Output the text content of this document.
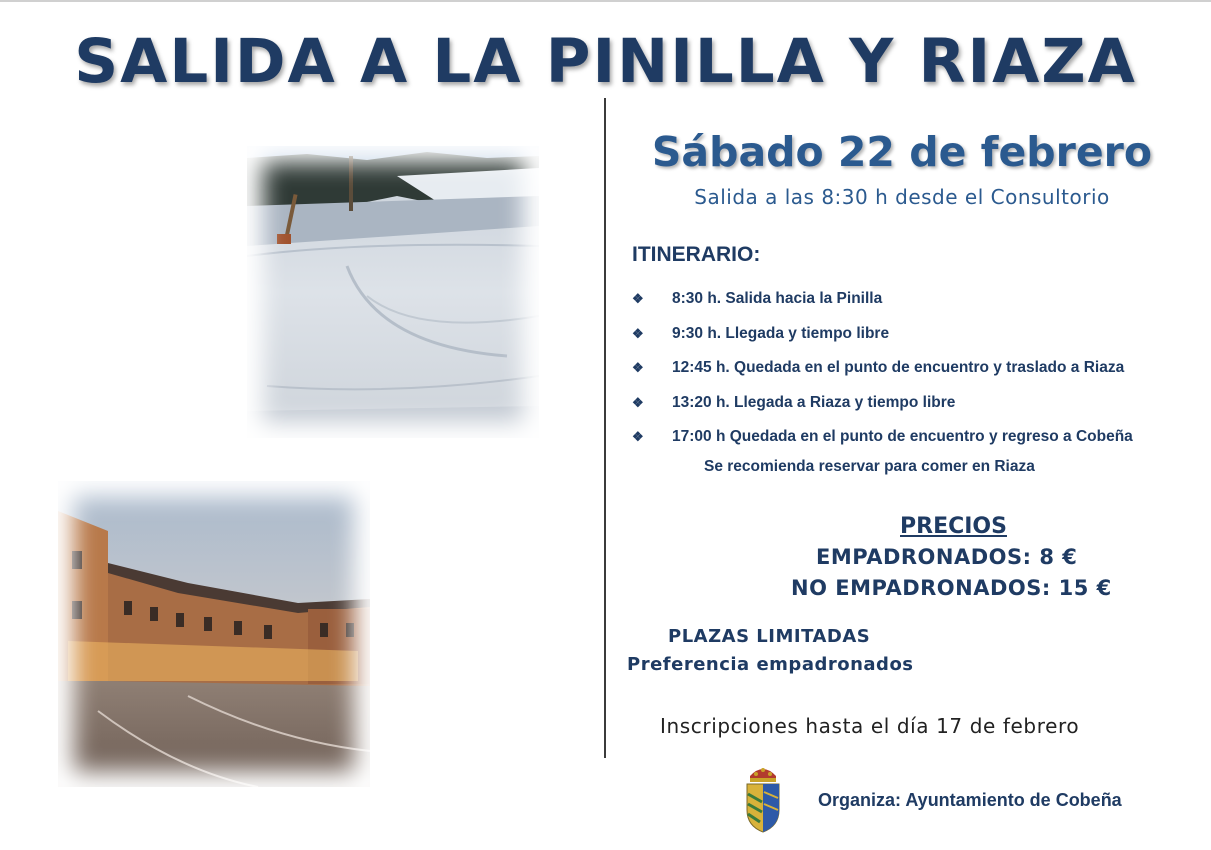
SALIDA A LA PINILLA Y RIAZA
Sábado 22 de febrero
Salida a las 8:30 h desde el Consultorio
ITINERARIO:
❖	8:30 h. Salida hacia la Pinilla
❖	9:30 h. Llegada y tiempo libre
❖	12:45 h. Quedada en el punto de encuentro y traslado a Riaza
❖	13:20 h. Llegada a Riaza y tiempo libre
❖	17:00 h Quedada en el punto de encuentro y regreso a Cobeña
Se recomienda reservar para comer en Riaza
PRECIOS
EMPADRONADOS: 8 €
NO EMPADRONADOS: 15 €
PLAZAS LIMITADAS
Preferencia empadronados
Inscripciones hasta el día 17 de febrero
Organiza: Ayuntamiento de Cobeña
